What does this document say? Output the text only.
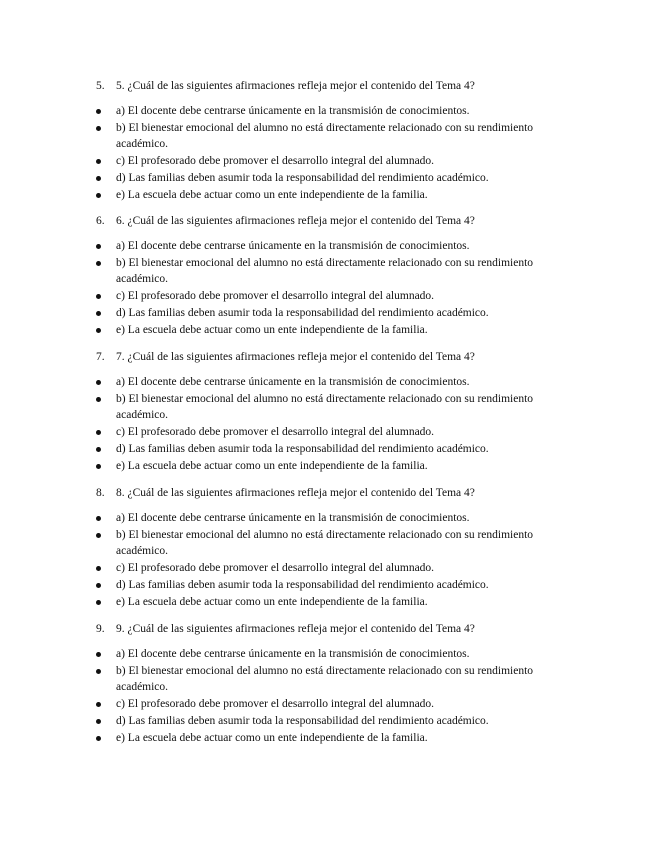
5. 5. ¿Cuál de las siguientes afirmaciones refleja mejor el contenido del Tema 4?
a) El docente debe centrarse únicamente en la transmisión de conocimientos.
b) El bienestar emocional del alumno no está directamente relacionado con su rendimiento académico.
c) El profesorado debe promover el desarrollo integral del alumnado.
d) Las familias deben asumir toda la responsabilidad del rendimiento académico.
e) La escuela debe actuar como un ente independiente de la familia.
6. 6. ¿Cuál de las siguientes afirmaciones refleja mejor el contenido del Tema 4?
a) El docente debe centrarse únicamente en la transmisión de conocimientos.
b) El bienestar emocional del alumno no está directamente relacionado con su rendimiento académico.
c) El profesorado debe promover el desarrollo integral del alumnado.
d) Las familias deben asumir toda la responsabilidad del rendimiento académico.
e) La escuela debe actuar como un ente independiente de la familia.
7. 7. ¿Cuál de las siguientes afirmaciones refleja mejor el contenido del Tema 4?
a) El docente debe centrarse únicamente en la transmisión de conocimientos.
b) El bienestar emocional del alumno no está directamente relacionado con su rendimiento académico.
c) El profesorado debe promover el desarrollo integral del alumnado.
d) Las familias deben asumir toda la responsabilidad del rendimiento académico.
e) La escuela debe actuar como un ente independiente de la familia.
8. 8. ¿Cuál de las siguientes afirmaciones refleja mejor el contenido del Tema 4?
a) El docente debe centrarse únicamente en la transmisión de conocimientos.
b) El bienestar emocional del alumno no está directamente relacionado con su rendimiento académico.
c) El profesorado debe promover el desarrollo integral del alumnado.
d) Las familias deben asumir toda la responsabilidad del rendimiento académico.
e) La escuela debe actuar como un ente independiente de la familia.
9. 9. ¿Cuál de las siguientes afirmaciones refleja mejor el contenido del Tema 4?
a) El docente debe centrarse únicamente en la transmisión de conocimientos.
b) El bienestar emocional del alumno no está directamente relacionado con su rendimiento académico.
c) El profesorado debe promover el desarrollo integral del alumnado.
d) Las familias deben asumir toda la responsabilidad del rendimiento académico.
e) La escuela debe actuar como un ente independiente de la familia.
